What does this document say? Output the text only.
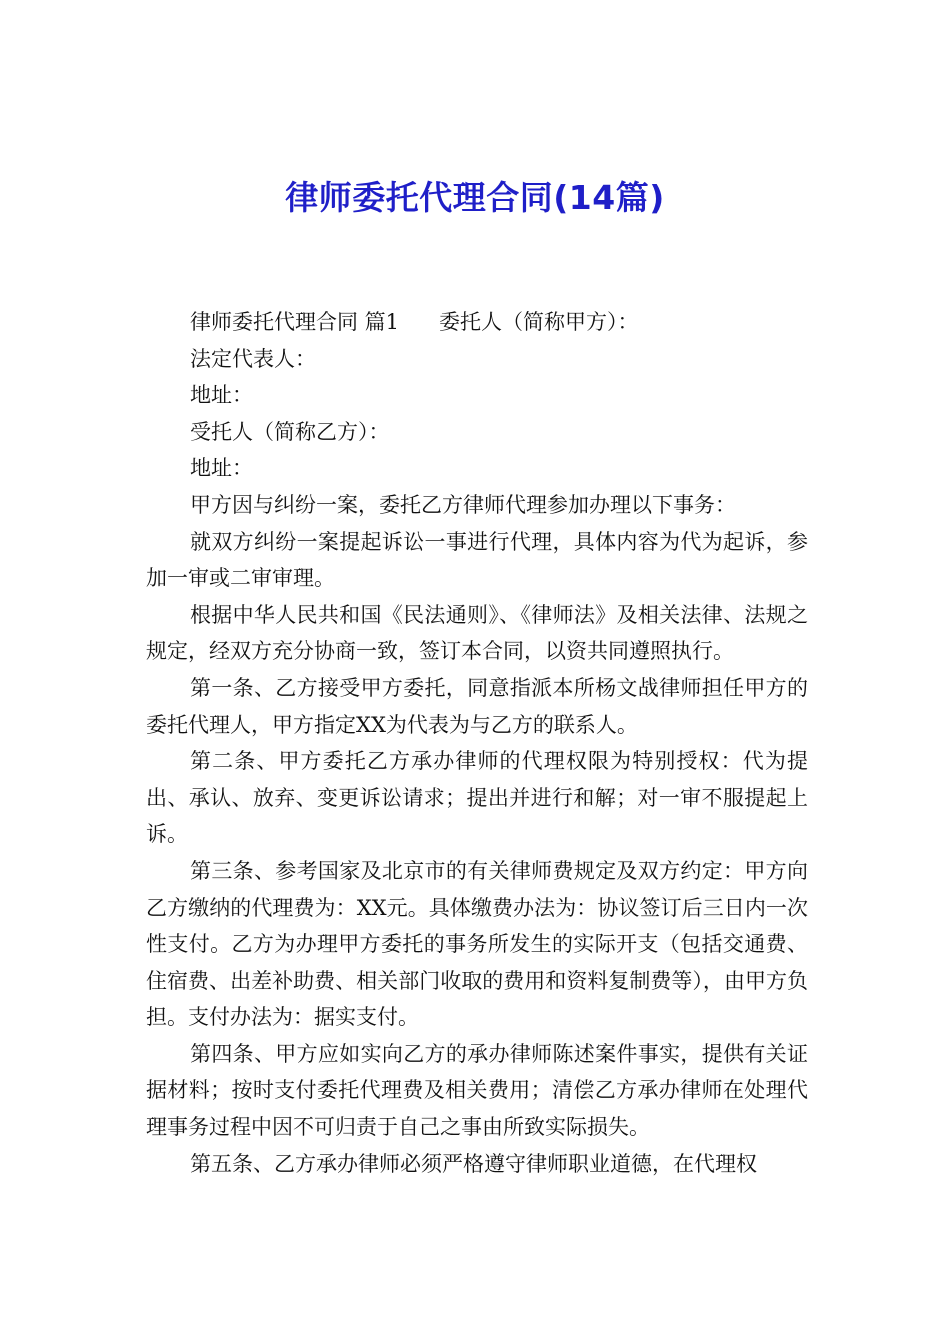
律师委托代理合同(14篇)

律师委托代理合同 篇1 委托人（简称甲方）：

法定代表人：

地址：

受托人（简称乙方）：

地址：

甲方因与纠纷一案，委托乙方律师代理参加办理以下事务：

就双方纠纷一案提起诉讼一事进行代理，具体内容为代为起诉，参加一审或二审审理。

根据中华人民共和国《民法通则》、《律师法》及相关法律、法规之规定，经双方充分协商一致，签订本合同，以资共同遵照执行。

第一条、乙方接受甲方委托，同意指派本所杨文战律师担任甲方的委托代理人，甲方指定XX为代表为与乙方的联系人。

第二条、甲方委托乙方承办律师的代理权限为特别授权：代为提出、承认、放弃、变更诉讼请求；提出并进行和解；对一审不服提起上诉。

第三条、参考国家及北京市的有关律师费规定及双方约定：甲方向乙方缴纳的代理费为：XX元。具体缴费办法为：协议签订后三日内一次性支付。乙方为办理甲方委托的事务所发生的实际开支（包括交通费、住宿费、出差补助费、相关部门收取的费用和资料复制费等），由甲方负担。支付办法为：据实支付。

第四条、甲方应如实向乙方的承办律师陈述案件事实，提供有关证据材料；按时支付委托代理费及相关费用；清偿乙方承办律师在处理代理事务过程中因不可归责于自己之事由所致实际损失。

第五条、乙方承办律师必须严格遵守律师职业道德，在代理权
